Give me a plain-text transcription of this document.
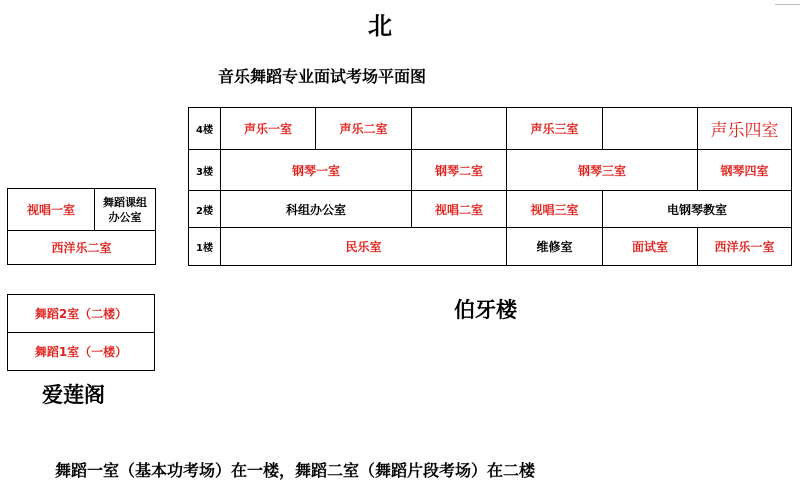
北
音乐舞蹈专业面试考场平面图
4楼	声乐一室	声乐二室	声乐三室	声乐四室
3楼	钢琴一室	钢琴二室	钢琴三室	钢琴四室
2楼	科组办公室	视唱二室	视唱三室	电钢琴教室
1楼	民乐室	维修室	面试室	西洋乐一室
伯牙楼
视唱一室
舞蹈课组
办公室
西洋乐二室
舞蹈2室（二楼）
舞蹈1室（一楼）
爱莲阁
舞蹈一室（基本功考场）在一楼，舞蹈二室（舞蹈片段考场）在二楼
